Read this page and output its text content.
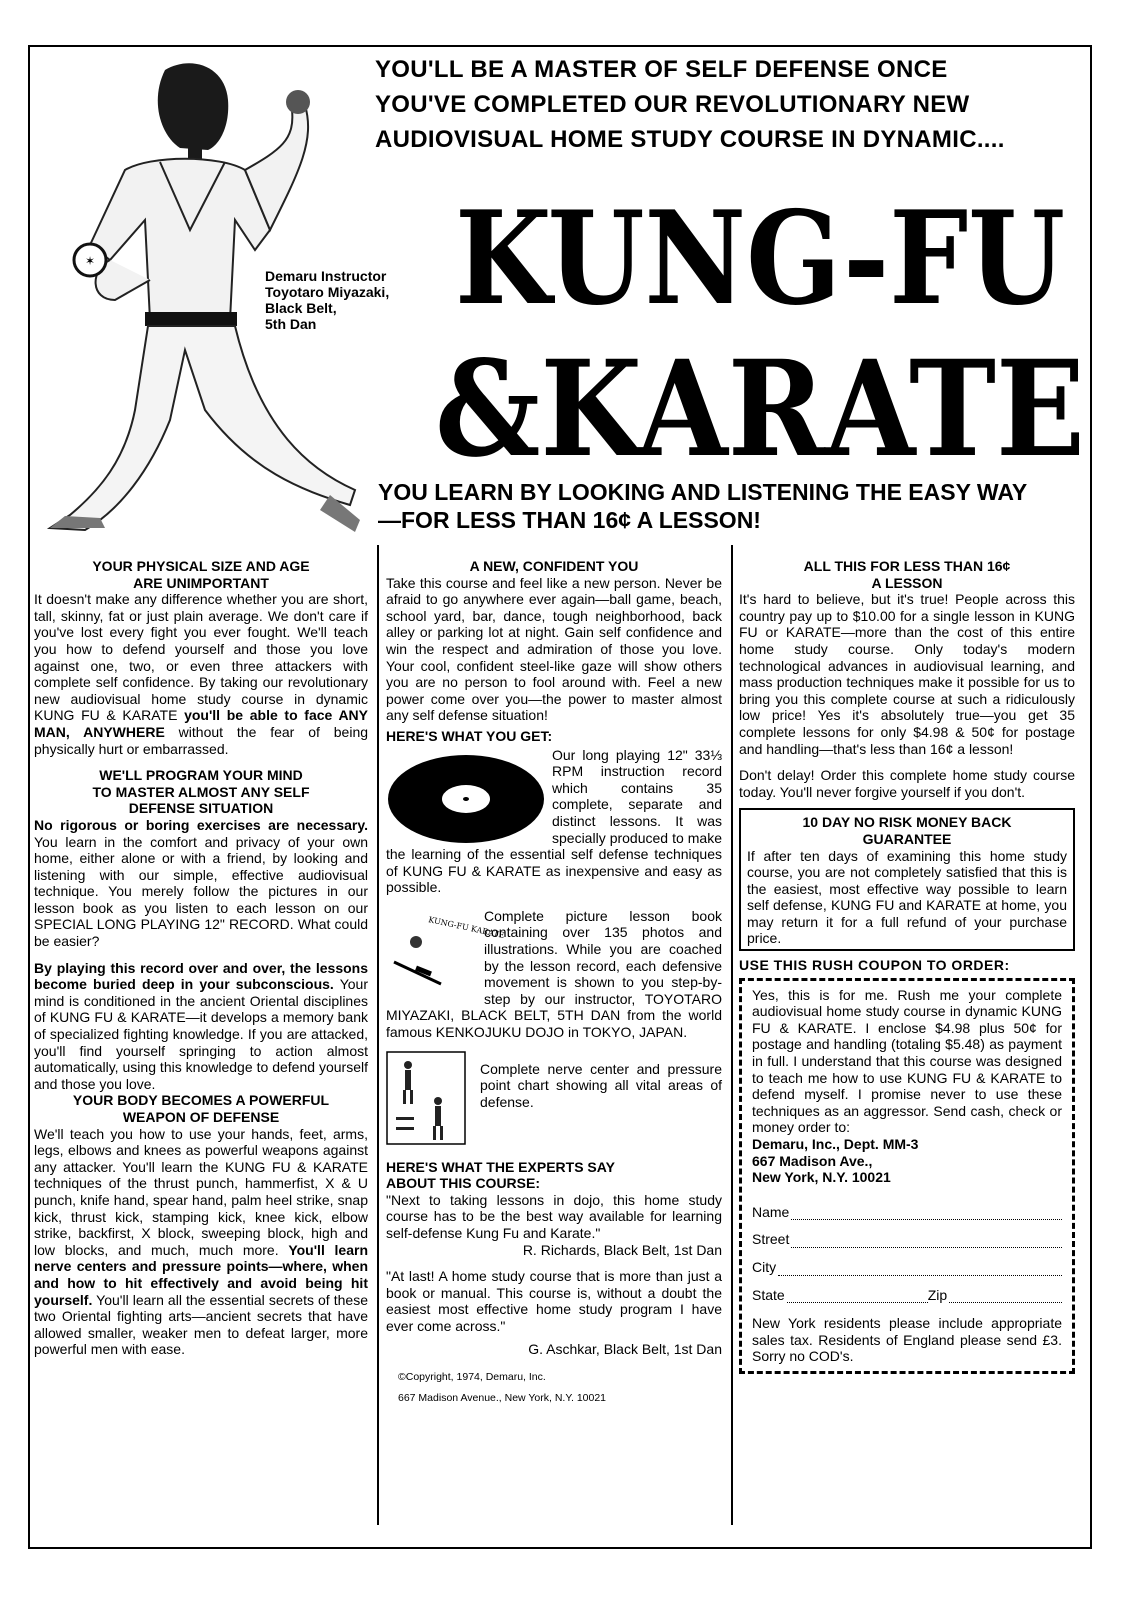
✶
YOU'LL BE A MASTER OF SELF DEFENSE ONCE
YOU'VE COMPLETED OUR REVOLUTIONARY NEW
AUDIOVISUAL HOME STUDY COURSE IN DYNAMIC....
Demaru Instructor
Toyotaro Miyazaki,
Black Belt,
5th Dan	KUNG-FU
&KARATE
YOU LEARN BY LOOKING AND LISTENING THE EASY WAY
—FOR LESS THAN 16¢ A LESSON!
YOUR PHYSICAL SIZE AND AGE
ARE UNIMPORTANT

It doesn't make any difference whether you are short, tall, skinny, fat or just plain average. We don't care if you've lost every fight you ever fought. We'll teach you how to defend yourself and those you love against one, two, or even three attackers with complete self confidence. By taking our revolutionary new audiovisual home study course in dynamic KUNG FU & KARATE you'll be able to face ANY MAN, ANYWHERE without the fear of being physically hurt or embarrassed.

WE'LL PROGRAM YOUR MIND
TO MASTER ALMOST ANY SELF
DEFENSE SITUATION

No rigorous or boring exercises are necessary. You learn in the comfort and privacy of your own home, either alone or with a friend, by looking and listening with our simple, effective audiovisual technique. You merely follow the pictures in our lesson book as you listen to each lesson on our SPECIAL LONG PLAYING 12" RECORD. What could be easier?

By playing this record over and over, the lessons become buried deep in your subconscious. Your mind is conditioned in the ancient Oriental disciplines of KUNG FU & KARATE—it develops a memory bank of specialized fighting knowledge. If you are attacked, you'll find yourself springing to action almost automatically, using this knowledge to defend yourself and those you love.

YOUR BODY BECOMES A POWERFUL
WEAPON OF DEFENSE

We'll teach you how to use your hands, feet, arms, legs, elbows and knees as powerful weapons against any attacker. You'll learn the KUNG FU & KARATE techniques of the thrust punch, hammerfist, X & U punch, knife hand, spear hand, palm heel strike, snap kick, thrust kick, stamping kick, knee kick, elbow strike, backfirst, X block, sweeping block, high and low blocks, and much, much more. You'll learn nerve centers and pressure points—where, when and how to hit effectively and avoid being hit yourself. You'll learn all the essential secrets of these two Oriental fighting arts—ancient secrets that have allowed smaller, weaker men to defeat larger, more powerful men with ease.

A NEW, CONFIDENT YOU

Take this course and feel like a new person. Never be afraid to go anywhere ever again—ball game, beach, school yard, bar, dance, tough neighborhood, back alley or parking lot at night. Gain self confidence and win the respect and admiration of those you love. Your cool, confident steel-like gaze will show others you are no person to fool around with. Feel a new power come over you—the power to master almost any self defense situation!

HERE'S WHAT YOU GET:

Our long playing 12" 33⅓ RPM instruction record which contains 35 complete, separate and distinct lessons. It was specially produced to make the learning of the essential self defense techniques of KUNG FU & KARATE as inexpensive and easy as possible.

KUNG-FU KARATE
Complete picture lesson book containing over 135 photos and illustrations. While you are coached by the lesson record, each defensive movement is shown to you step-by-step by our instructor, TOYOTARO MIYAZAKI, BLACK BELT, 5TH DAN from the world famous KENKOJUKU DOJO in TOKYO, JAPAN.

Complete nerve center and pressure point chart showing all vital areas of defense.
HERE'S WHAT THE EXPERTS SAY
ABOUT THIS COURSE:

"Next to taking lessons in dojo, this home study course has to be the best way available for learning self-defense Kung Fu and Karate."

R. Richards, Black Belt, 1st Dan

"At last! A home study course that is more than just a book or manual. This course is, without a doubt the easiest most effective home study program I have ever come across."

G. Aschkar, Black Belt, 1st Dan

©Copyright, 1974, Demaru, Inc.

667 Madison Avenue., New York, N.Y. 10021

ALL THIS FOR LESS THAN 16¢
A LESSON

It's hard to believe, but it's true! People across this country pay up to $10.00 for a single lesson in KUNG FU or KARATE—more than the cost of this entire home study course. Only today's modern technological advances in audiovisual learning, and mass production techniques make it possible for us to bring you this complete course at such a ridiculously low price! Yes it's absolutely true—you get 35 complete lessons for only $4.98 & 50¢ for postage and handling—that's less than 16¢ a lesson!

Don't delay! Order this complete home study course today. You'll never forgive yourself if you don't.

10 DAY NO RISK MONEY BACK
GUARANTEE

If after ten days of examining this home study course, you are not completely satisfied that this is the easiest, most effective way possible to learn self defense, KUNG FU and KARATE at home, you may return it for a full refund of your purchase price.

USE THIS RUSH COUPON TO ORDER:

Yes, this is for me. Rush me your complete audiovisual home study course in dynamic KUNG FU & KARATE. I enclose $4.98 plus 50¢ for postage and handling (totaling $5.48) as payment in full. I understand that this course was designed to teach me how to use KUNG FU & KARATE to defend myself. I promise never to use these techniques as an aggressor. Send cash, check or money order to:

Demaru, Inc., Dept. MM-3

667 Madison Ave.,

New York, N.Y. 10021

Name
Street
City
State	Zip

New York residents please include appropriate sales tax. Residents of England please send £3. Sorry no COD's.
